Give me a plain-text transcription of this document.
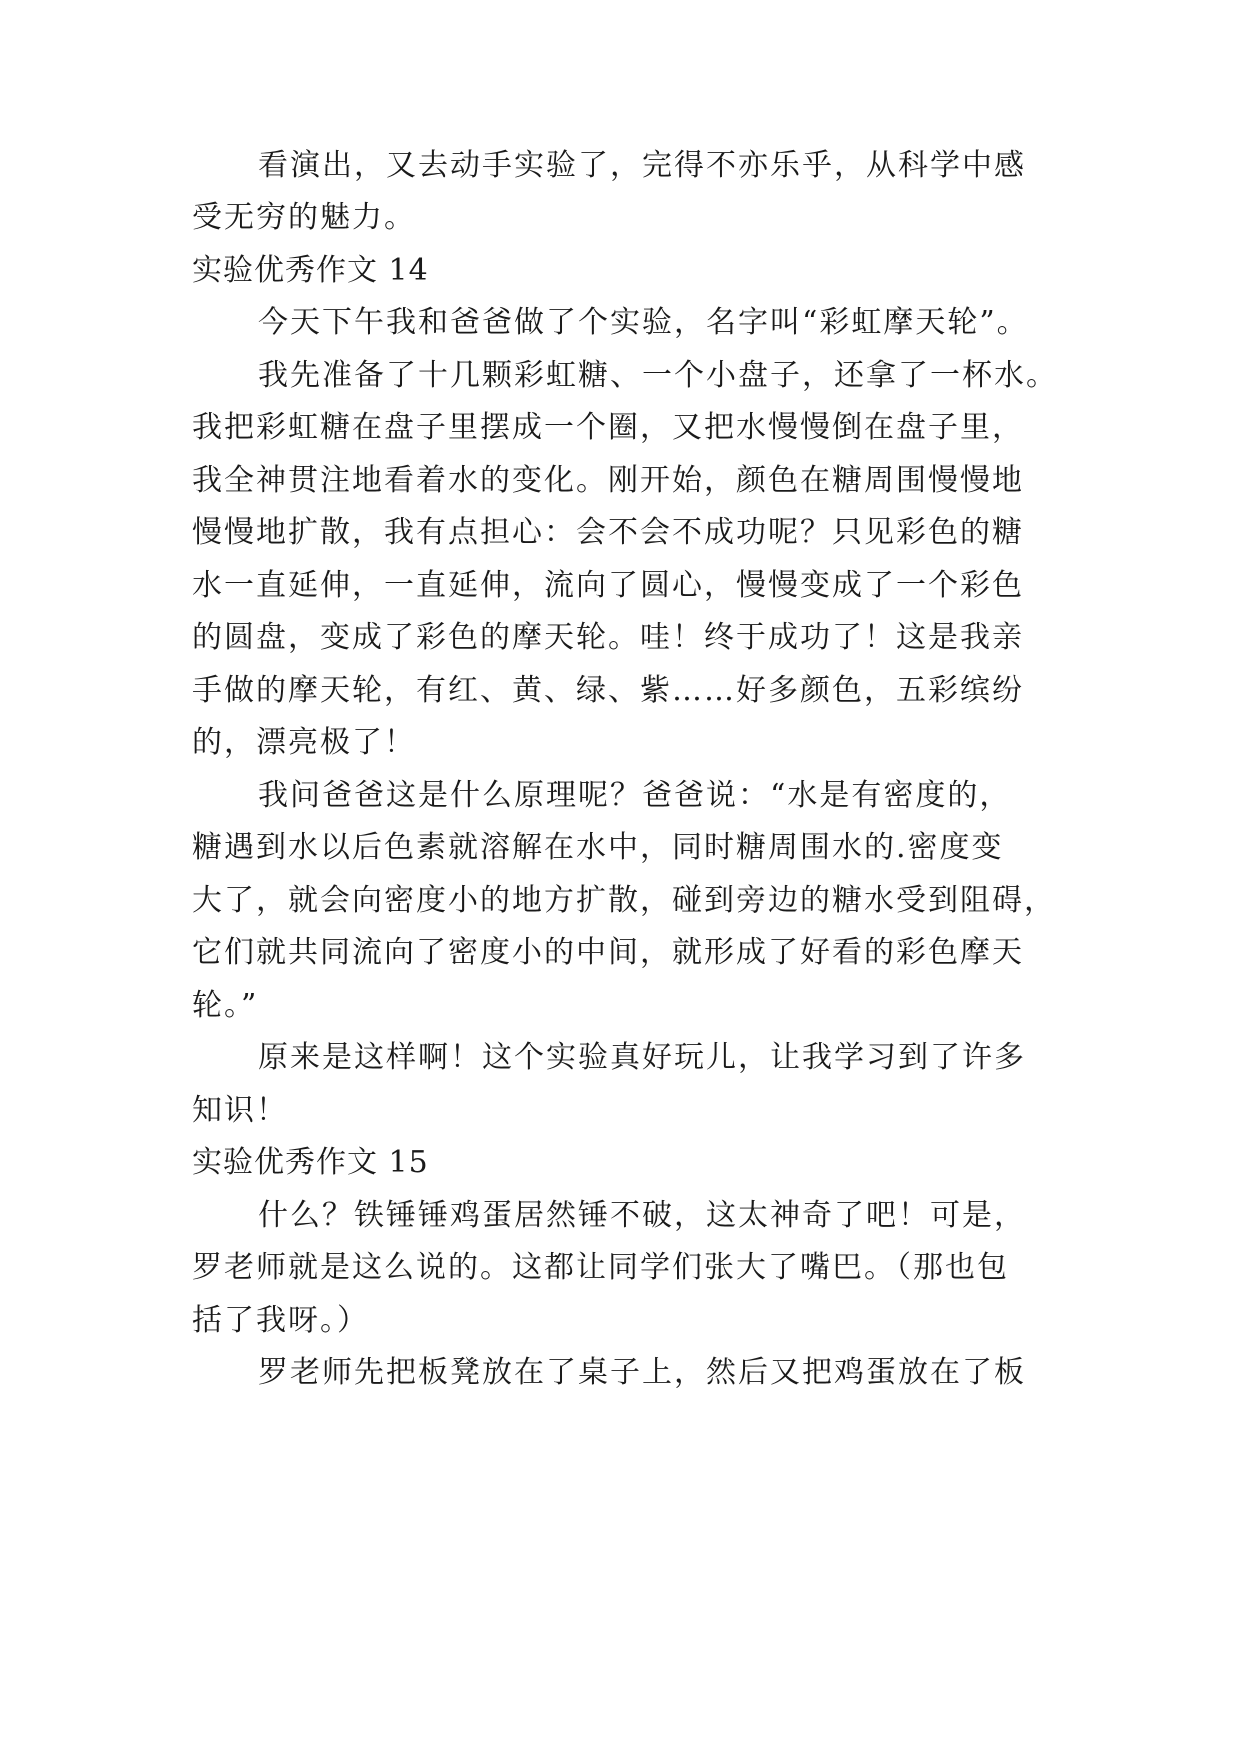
看演出，又去动手实验了，完得不亦乐乎，从科学中感
受无穷的魅力。
实验优秀作文 14
今天下午我和爸爸做了个实验，名字叫“彩虹摩天轮”。
我先准备了十几颗彩虹糖、一个小盘子，还拿了一杯水。
我把彩虹糖在盘子里摆成一个圈，又把水慢慢倒在盘子里，
我全神贯注地看着水的变化。刚开始，颜色在糖周围慢慢地
慢慢地扩散，我有点担心：会不会不成功呢？只见彩色的糖
水一直延伸，一直延伸，流向了圆心，慢慢变成了一个彩色
的圆盘，变成了彩色的摩天轮。哇！终于成功了！这是我亲
手做的摩天轮，有红、黄、绿、紫……好多颜色，五彩缤纷
的，漂亮极了！
我问爸爸这是什么原理呢？爸爸说：“水是有密度的，
糖遇到水以后色素就溶解在水中，同时糖周围水的.密度变
大了，就会向密度小的地方扩散，碰到旁边的糖水受到阻碍，
它们就共同流向了密度小的中间，就形成了好看的彩色摩天
轮。”
原来是这样啊！这个实验真好玩儿，让我学习到了许多
知识！
实验优秀作文 15
什么？铁锤锤鸡蛋居然锤不破，这太神奇了吧！可是，
罗老师就是这么说的。这都让同学们张大了嘴巴。（那也包
括了我呀。）
罗老师先把板凳放在了桌子上，然后又把鸡蛋放在了板
